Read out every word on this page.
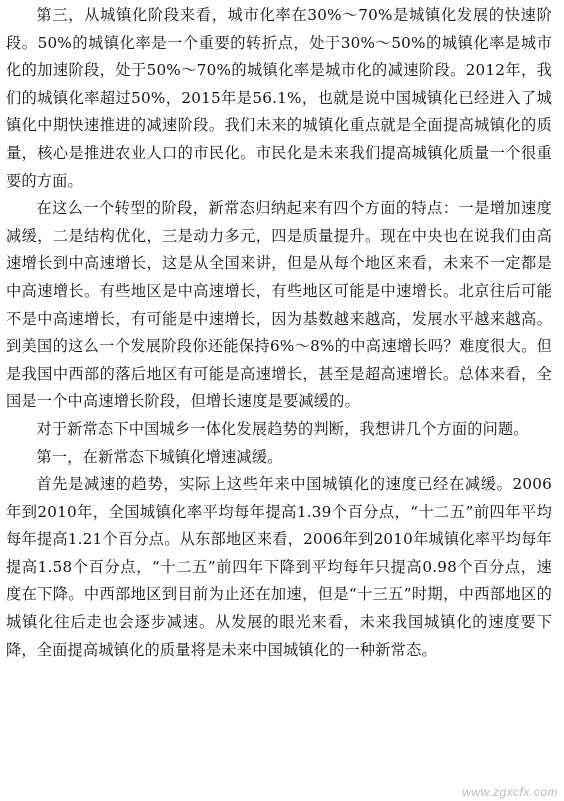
第三，从城镇化阶段来看，城市化率在30%～70%是城镇化发展的快速阶段。50%的城镇化率是一个重要的转折点，处于30%～50%的城镇化率是城市化的加速阶段，处于50%～70%的城镇化率是城市化的减速阶段。2012年，我们的城镇化率超过50%，2015年是56.1%，也就是说中国城镇化已经进入了城镇化中期快速推进的减速阶段。我们未来的城镇化重点就是全面提高城镇化的质量，核心是推进农业人口的市民化。市民化是未来我们提高城镇化质量一个很重要的方面。

在这么一个转型的阶段，新常态归纳起来有四个方面的特点：一是增加速度减缓，二是结构优化，三是动力多元，四是质量提升。现在中央也在说我们由高速增长到中高速增长，这是从全国来讲，但是从每个地区来看，未来不一定都是中高速增长。有些地区是中高速增长，有些地区可能是中速增长。北京往后可能不是中高速增长，有可能是中速增长，因为基数越来越高，发展水平越来越高。到美国的这么一个发展阶段你还能保持6%～8%的中高速增长吗？难度很大。但是我国中西部的落后地区有可能是高速增长，甚至是超高速增长。总体来看，全国是一个中高速增长阶段，但增长速度是要减缓的。

对于新常态下中国城乡一体化发展趋势的判断，我想讲几个方面的问题。

第一，在新常态下城镇化增速减缓。

首先是减速的趋势，实际上这些年来中国城镇化的速度已经在减缓。2006年到2010年，全国城镇化率平均每年提高1.39个百分点，“十二五”前四年平均每年提高1.21个百分点。从东部地区来看，2006年到2010年城镇化率平均每年提高1.58个百分点，“十二五”前四年下降到平均每年只提高0.98个百分点，速度在下降。中西部地区到目前为止还在加速，但是“十三五”时期，中西部地区的城镇化往后走也会逐步减速。从发展的眼光来看，未来我国城镇化的速度要下降，全面提高城镇化的质量将是未来中国城镇化的一种新常态。

www.zgxcfx.com
